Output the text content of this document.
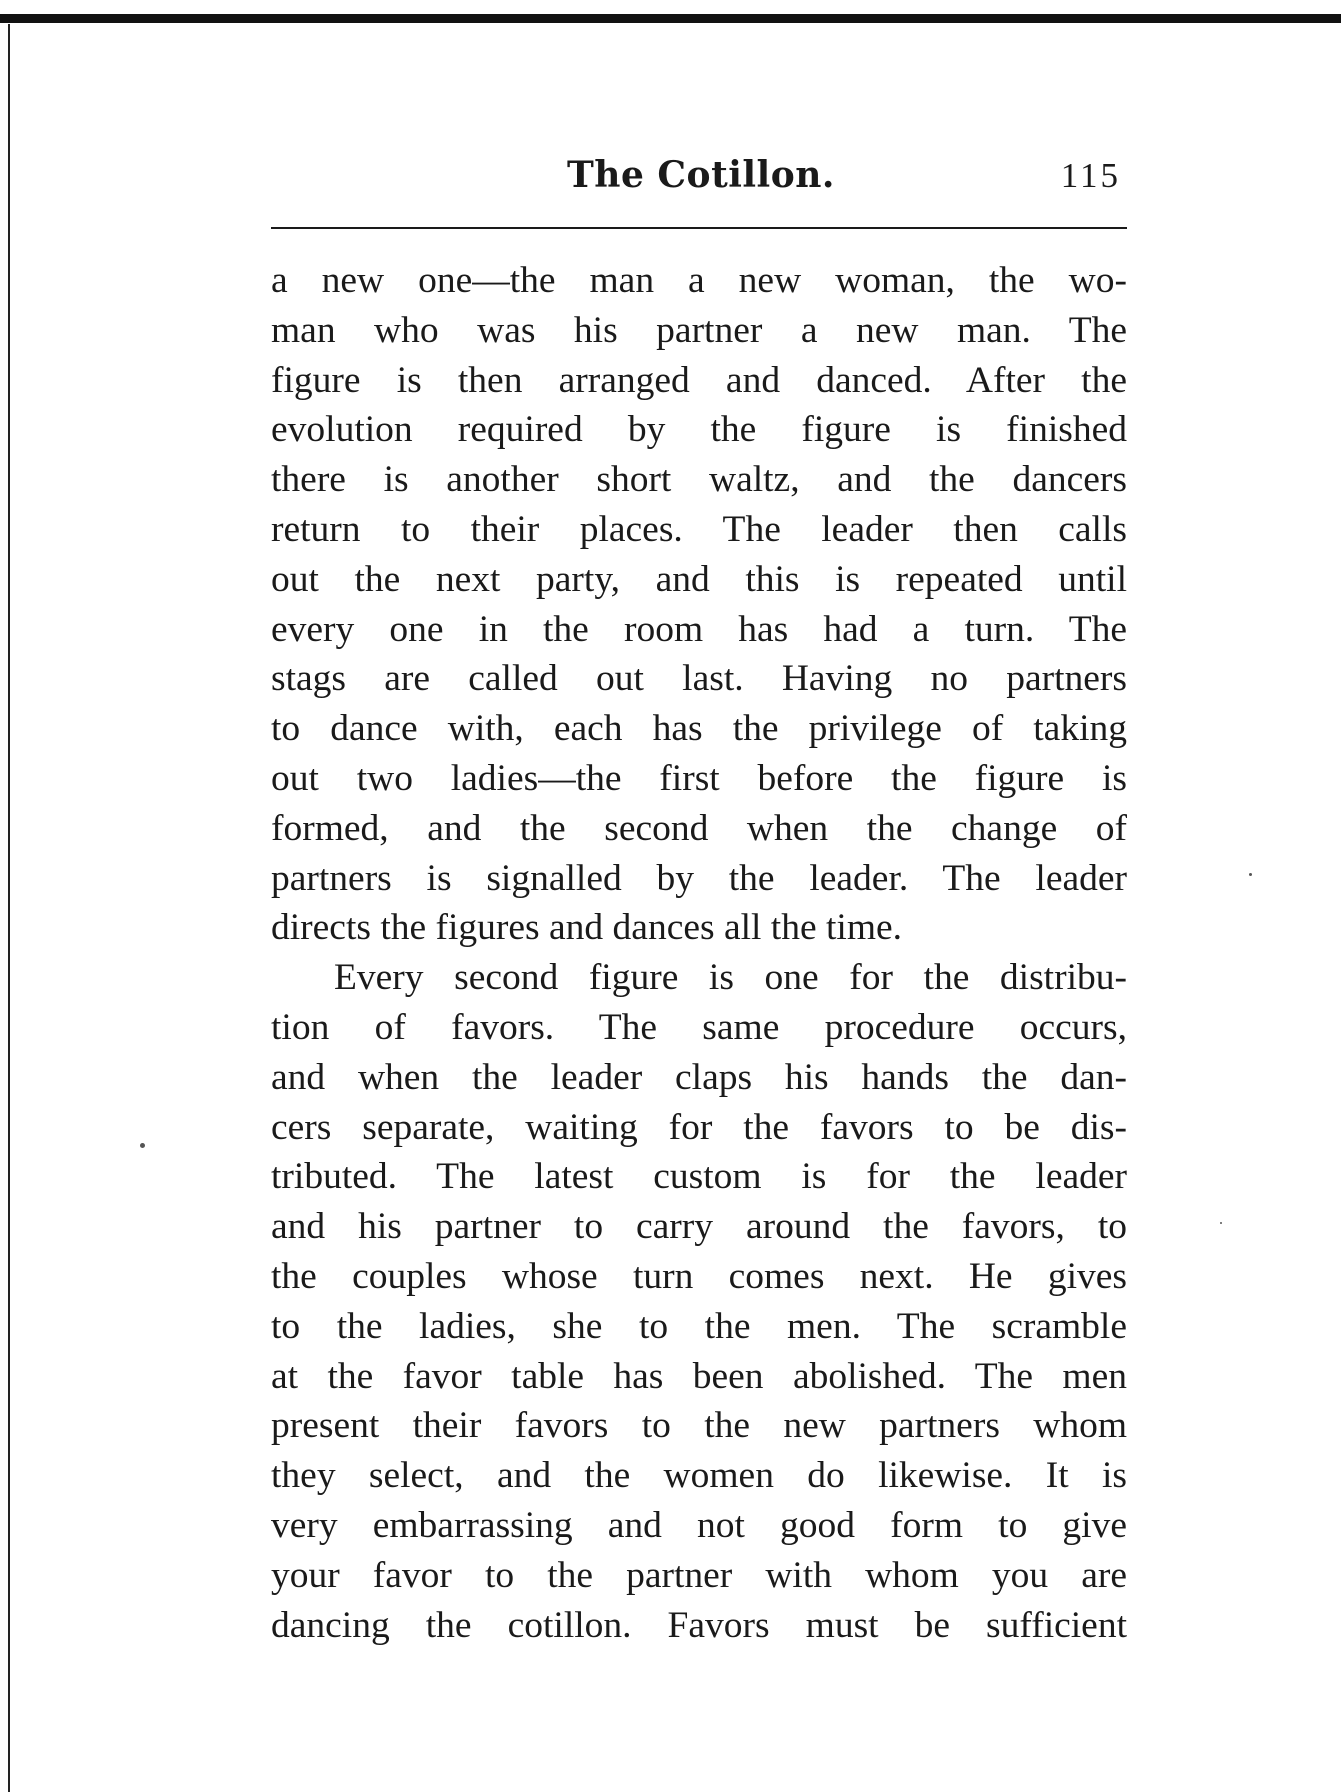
The Cotillon.	115
a new one—the man a new woman, the wo-
man who was his partner a new man. The
figure is then arranged and danced. After the
evolution required by the figure is finished
there is another short waltz, and the dancers
return to their places. The leader then calls
out the next party, and this is repeated until
every one in the room has had a turn. The
stags are called out last. Having no partners
to dance with, each has the privilege of taking
out two ladies—the first before the figure is
formed, and the second when the change of
partners is signalled by the leader. The leader
directs the figures and dances all the time.
Every second figure is one for the distribu-
tion of favors. The same procedure occurs,
and when the leader claps his hands the dan-
cers separate, waiting for the favors to be dis-
tributed. The latest custom is for the leader
and his partner to carry around the favors, to
the couples whose turn comes next. He gives
to the ladies, she to the men. The scramble
at the favor table has been abolished. The men
present their favors to the new partners whom
they select, and the women do likewise. It is
very embarrassing and not good form to give
your favor to the partner with whom you are
dancing the cotillon. Favors must be sufficient
